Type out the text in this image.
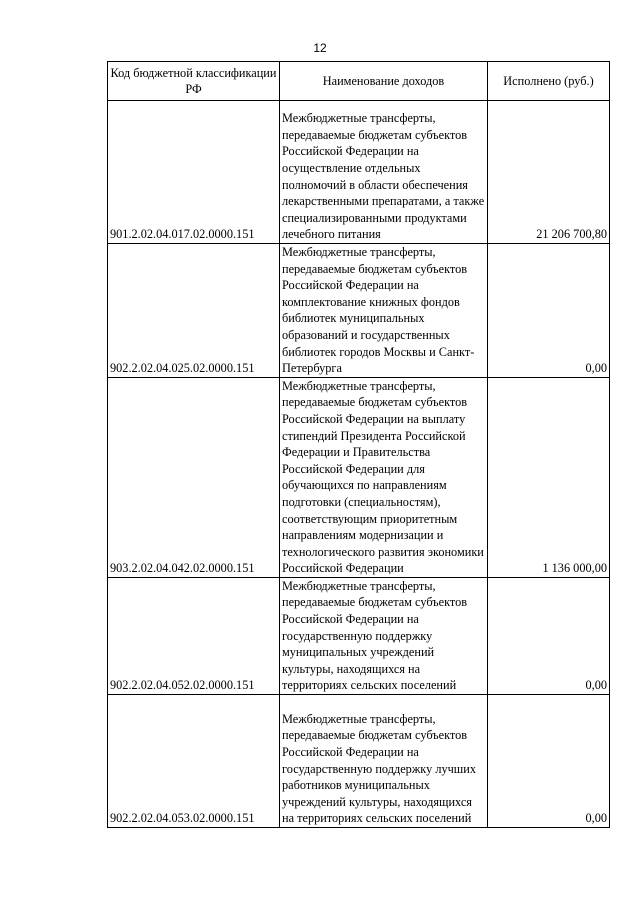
12
Код бюджетной классификации РФ	Наименование доходов	Исполнено (руб.)
901.2.02.04.017.02.0000.151	Межбюджетные трансферты, передаваемые бюджетам субъектов Российской Федерации на осуществление отдельных полномочий в области обеспечения лекарственными препаратами, а также специализированными продуктами лечебного питания	21 206 700,80
902.2.02.04.025.02.0000.151	Межбюджетные трансферты, передаваемые бюджетам субъектов Российской Федерации на комплектование книжных фондов библиотек муниципальных образований и государственных библиотек городов Москвы и Санкт-Петербурга	0,00
903.2.02.04.042.02.0000.151	Межбюджетные трансферты, передаваемые бюджетам субъектов Российской Федерации на выплату стипендий Президента Российской Федерации и Правительства Российской Федерации для обучающихся по направлениям подготовки (специальностям), соответствующим приоритетным направлениям модернизации и технологического развития экономики Российской Федерации	1 136 000,00
902.2.02.04.052.02.0000.151	Межбюджетные трансферты, передаваемые бюджетам субъектов Российской Федерации на государственную поддержку муниципальных учреждений культуры, находящихся на территориях сельских поселений	0,00
902.2.02.04.053.02.0000.151	Межбюджетные трансферты, передаваемые бюджетам субъектов Российской Федерации на государственную поддержку лучших работников муниципальных учреждений культуры, находящихся на территориях сельских поселений	0,00
